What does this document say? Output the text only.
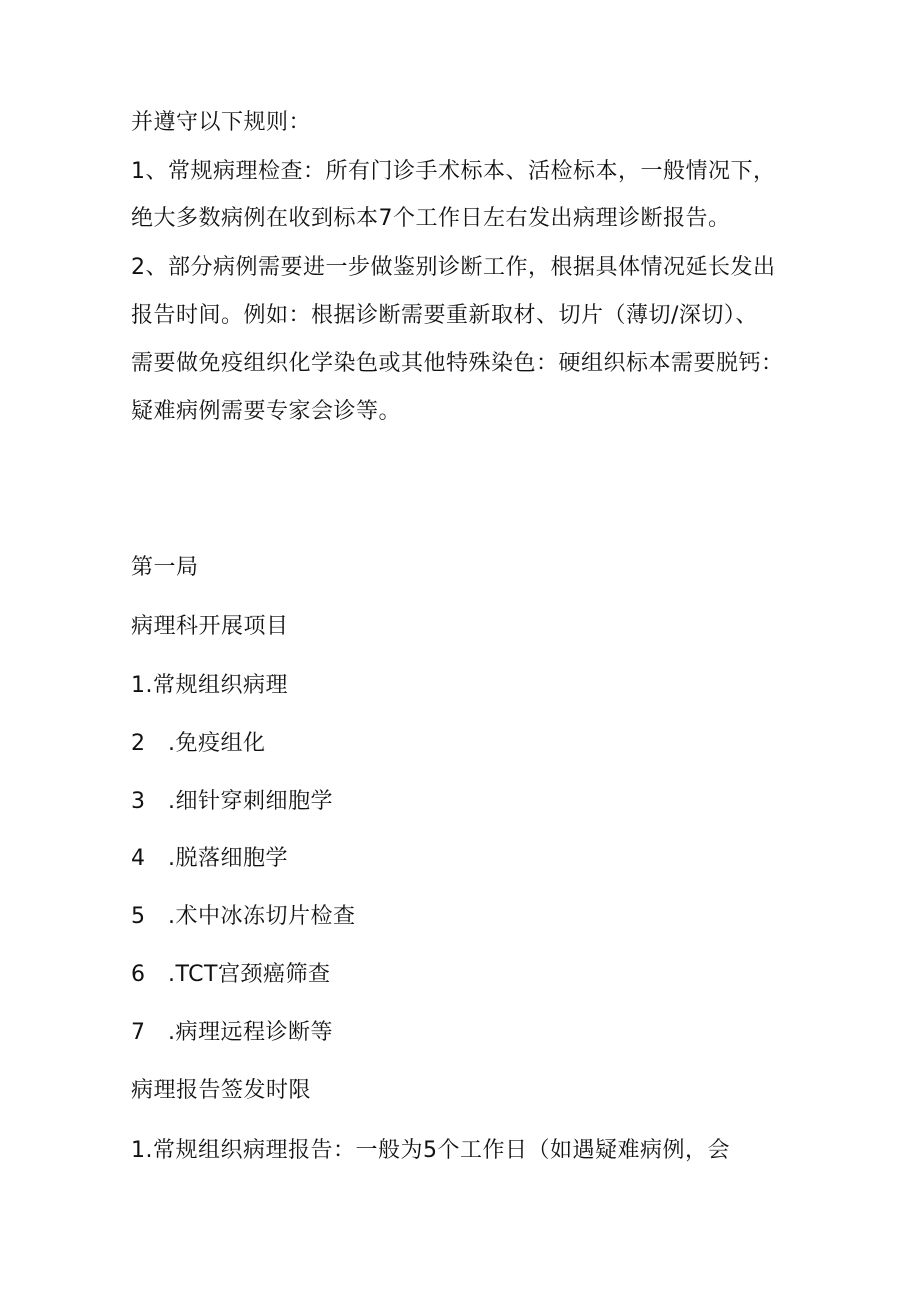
并遵守以下规则：
1、常规病理检查：所有门诊手术标本、活检标本，一般情况下，
绝大多数病例在收到标本7个工作日左右发出病理诊断报告。
2、部分病例需要进一步做鉴别诊断工作，根据具体情况延长发出
报告时间。例如：根据诊断需要重新取材、切片（薄切/深切）、
需要做免疫组织化学染色或其他特殊染色：硬组织标本需要脱钙：
疑难病例需要专家会诊等。
第一局
病理科开展项目
1.常规组织病理
2　.免疫组化
3　.细针穿刺细胞学
4　.脱落细胞学
5　.术中冰冻切片检查
6　.TCT宫颈癌筛查
7　.病理远程诊断等
病理报告签发时限
1.常规组织病理报告：一般为5个工作日（如遇疑难病例，会
